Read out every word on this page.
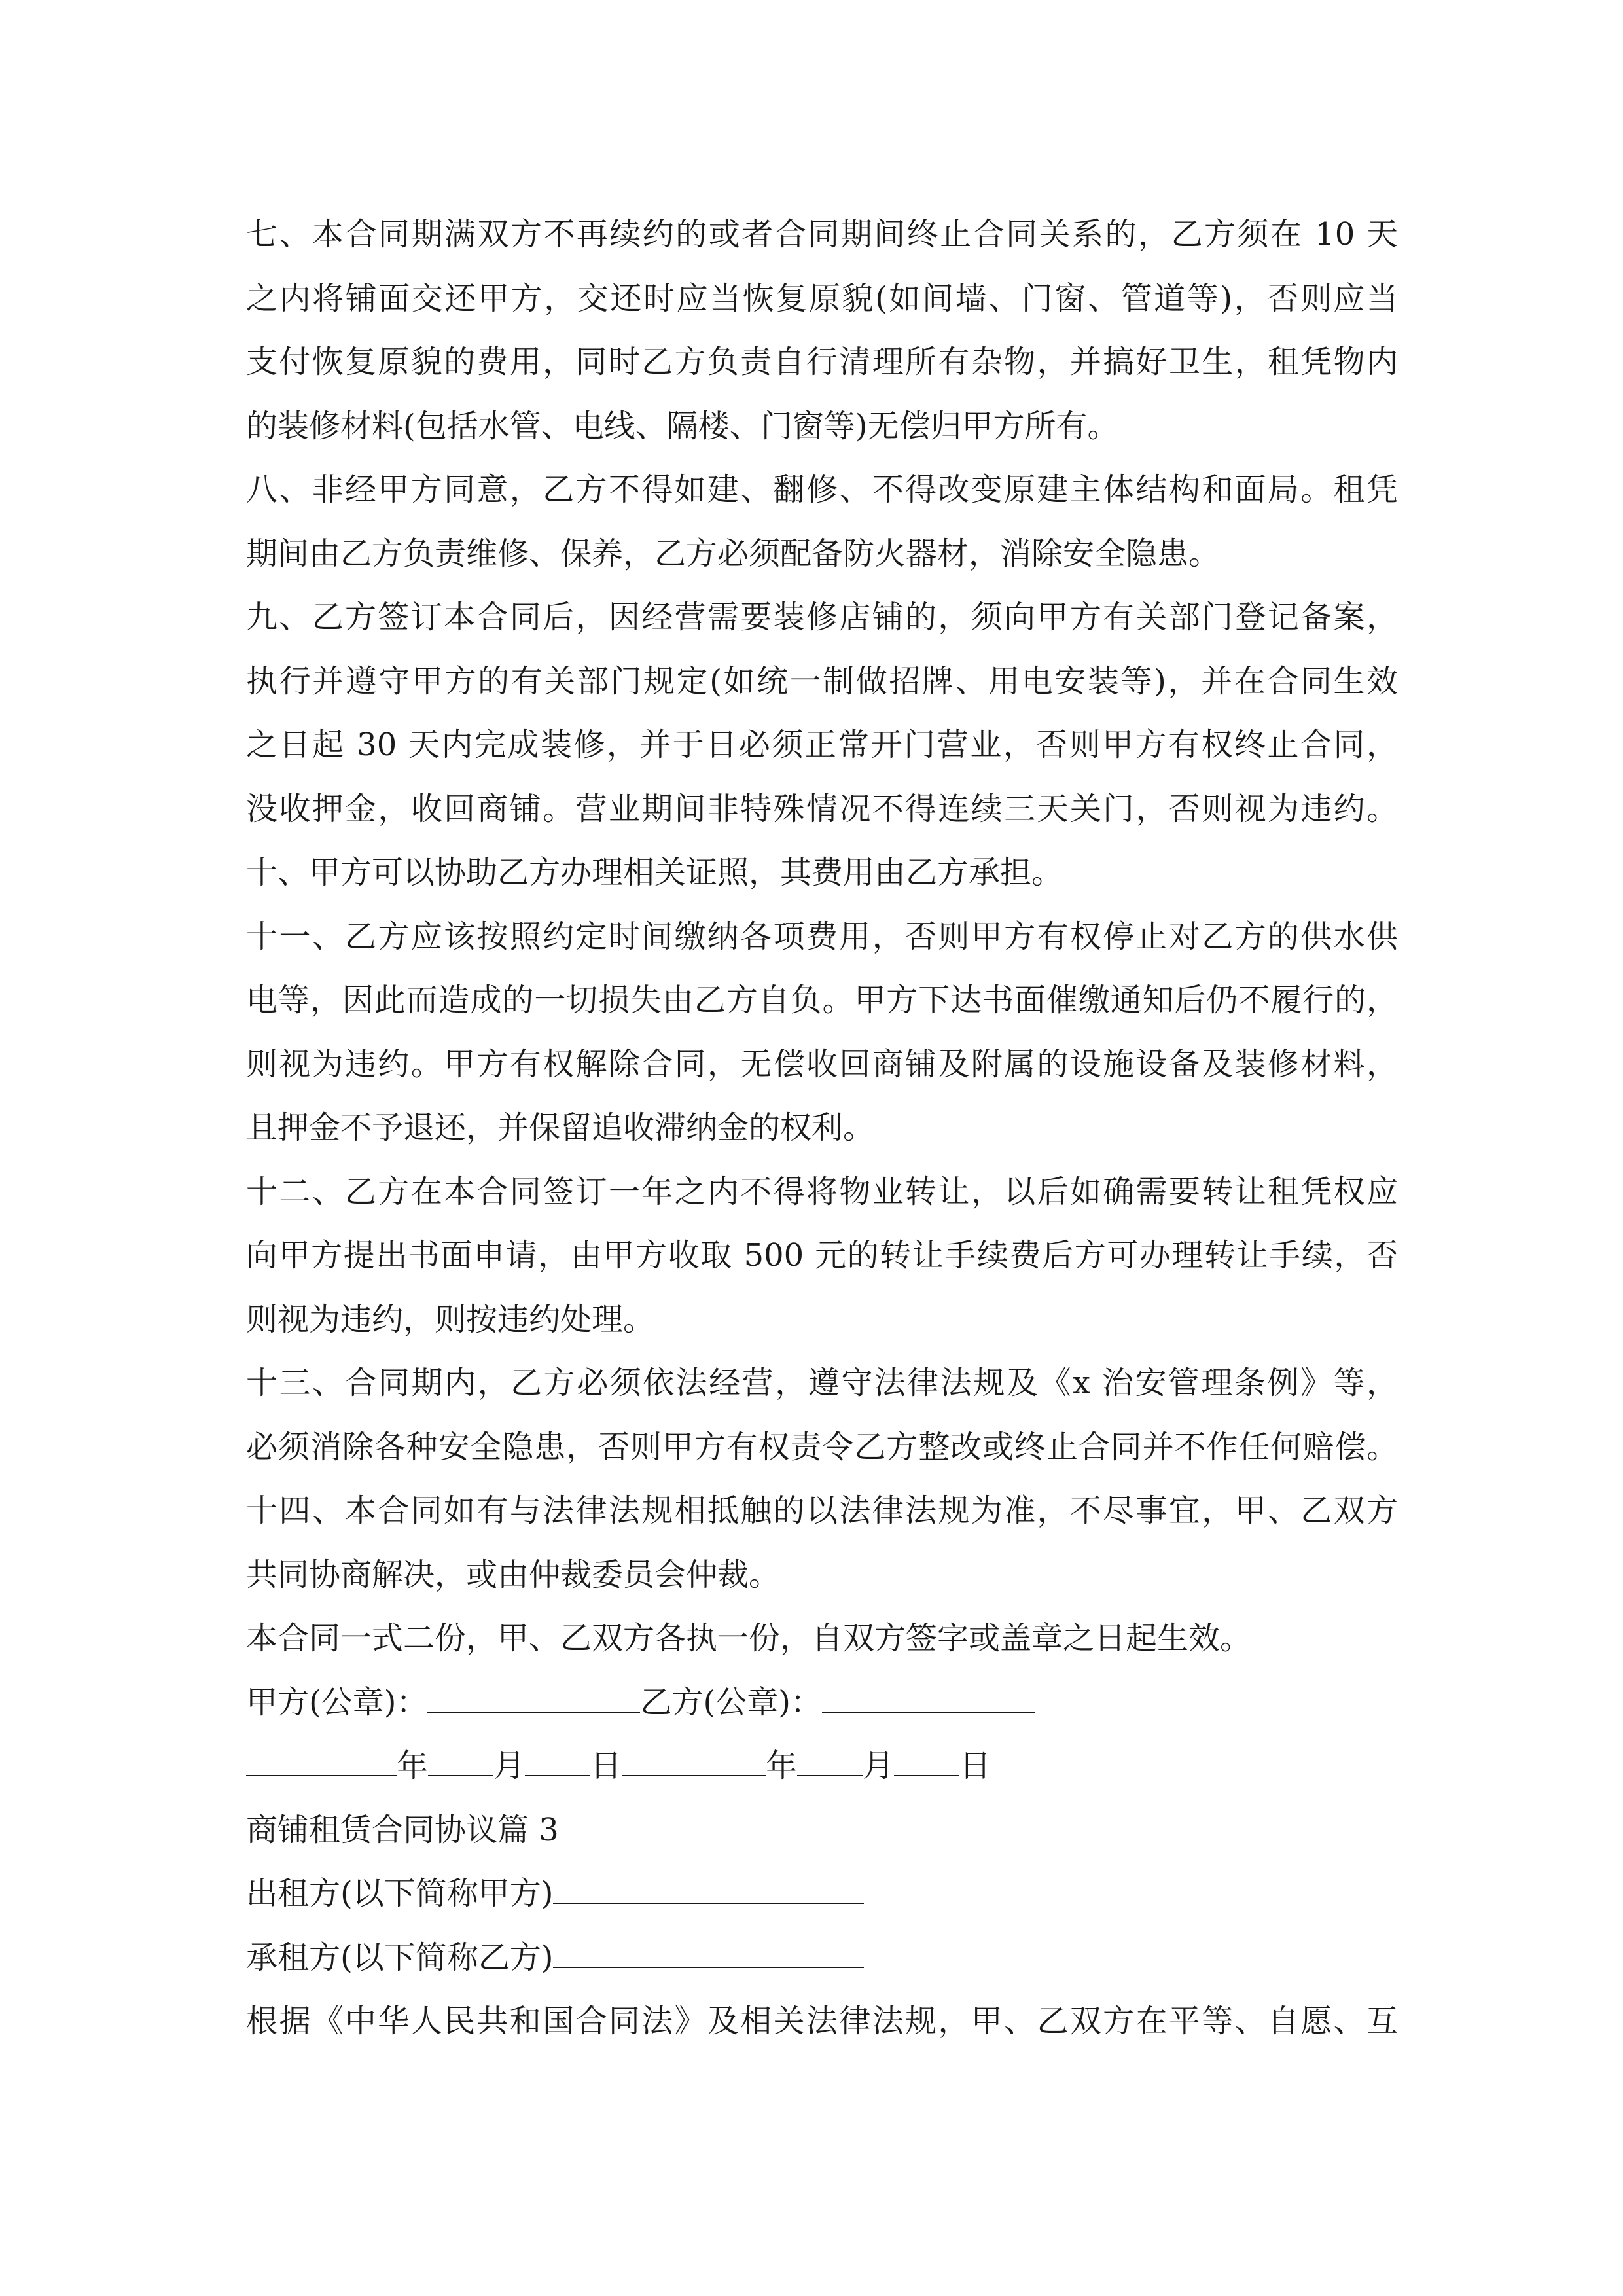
七、本合同期满双方不再续约的或者合同期间终止合同关系的，乙方须在 10 天
之内将铺面交还甲方，交还时应当恢复原貌(如间墙、门窗、管道等)，否则应当
支付恢复原貌的费用，同时乙方负责自行清理所有杂物，并搞好卫生，租凭物内
的装修材料(包括水管、电线、隔楼、门窗等)无偿归甲方所有。
八、非经甲方同意，乙方不得如建、翻修、不得改变原建主体结构和面局。租凭
期间由乙方负责维修、保养，乙方必须配备防火器材，消除安全隐患。
九、乙方签订本合同后，因经营需要装修店铺的，须向甲方有关部门登记备案，
执行并遵守甲方的有关部门规定(如统一制做招牌、用电安装等)，并在合同生效
之日起 30 天内完成装修，并于日必须正常开门营业，否则甲方有权终止合同，
没收押金，收回商铺。营业期间非特殊情况不得连续三天关门，否则视为违约。
十、甲方可以协助乙方办理相关证照，其费用由乙方承担。
十一、乙方应该按照约定时间缴纳各项费用，否则甲方有权停止对乙方的供水供
电等，因此而造成的一切损失由乙方自负。甲方下达书面催缴通知后仍不履行的，
则视为违约。甲方有权解除合同，无偿收回商铺及附属的设施设备及装修材料，
且押金不予退还，并保留追收滞纳金的权利。
十二、乙方在本合同签订一年之内不得将物业转让，以后如确需要转让租凭权应
向甲方提出书面申请，由甲方收取 500 元的转让手续费后方可办理转让手续，否
则视为违约，则按违约处理。
十三、合同期内，乙方必须依法经营，遵守法律法规及《x 治安管理条例》等，
必须消除各种安全隐患，否则甲方有权责令乙方整改或终止合同并不作任何赔偿。
十四、本合同如有与法律法规相抵触的以法律法规为准，不尽事宜，甲、乙双方
共同协商解决，或由仲裁委员会仲裁。
本合同一式二份，甲、乙双方各执一份，自双方签字或盖章之日起生效。
甲方(公章)：	乙方(公章)：
年 月 日	年 月 日
商铺租赁合同协议篇 3
出租方(以下简称甲方)
承租方(以下简称乙方)
根据《中华人民共和国合同法》及相关法律法规，甲、乙双方在平等、自愿、互
